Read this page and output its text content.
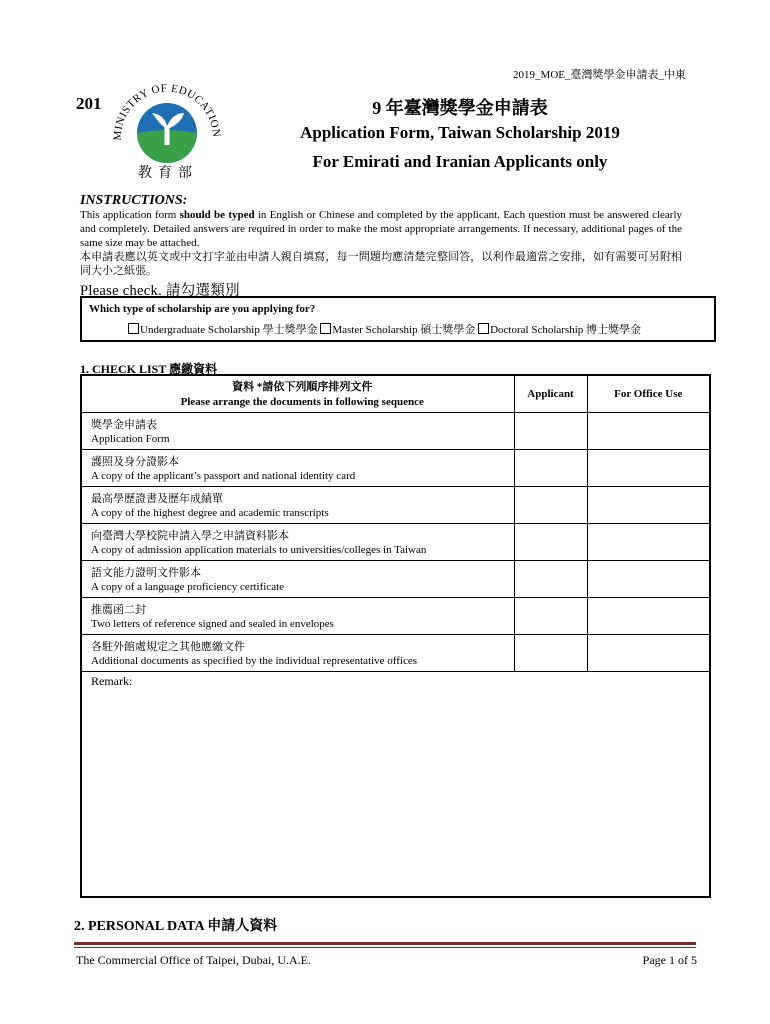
2019_MOE_臺灣獎學金申請表_中東
201
MINISTRY OF EDUCATION
教育部
9 年臺灣獎學金申請表
Application Form, Taiwan Scholarship 2019
For Emirati and Iranian Applicants only
INSTRUCTIONS:
This application form should be typed in English or Chinese and completed by the applicant. Each question must be answered clearly and completely. Detailed answers are required in order to make the most appropriate arrangements. If necessary, additional pages of the same size may be attached.
本申請表應以英文或中文打字並由申請人親自填寫，每一問題均應清楚完整回答，以利作最適當之安排，如有需要可另附相同大小之紙張。
Please check. 請勾選類別
Which type of scholarship are you applying for?
Undergraduate Scholarship 學士獎學金 Master Scholarship 碩士獎學金 Doctoral Scholarship 博士獎學金
1. CHECK LIST 應繳資料
資料 *請依下列順序排列文件
Please arrange the documents in following sequence	Applicant	For Office Use

獎學金申請表
Application Form		

護照及身分證影本
A copy of the applicant’s passport and national identity card		

最高學歷證書及歷年成績單
A copy of the highest degree and academic transcripts		

向臺灣大學校院申請入學之申請資料影本
A copy of admission application materials to universities/colleges in Taiwan		

語文能力證明文件影本
A copy of a language proficiency certificate		

推薦函二封
Two letters of reference signed and sealed in envelopes		

各駐外館處規定之其他應繳文件
Additional documents as specified by the individual representative offices		

Remark:		
2. PERSONAL DATA 申請人資料
The Commercial Office of Taipei, Dubai, U.A.E.	Page 1 of 5
